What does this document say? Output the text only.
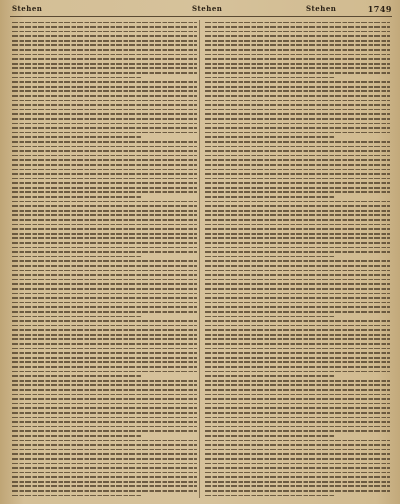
Stehen	Stehen	Stehen	1749
